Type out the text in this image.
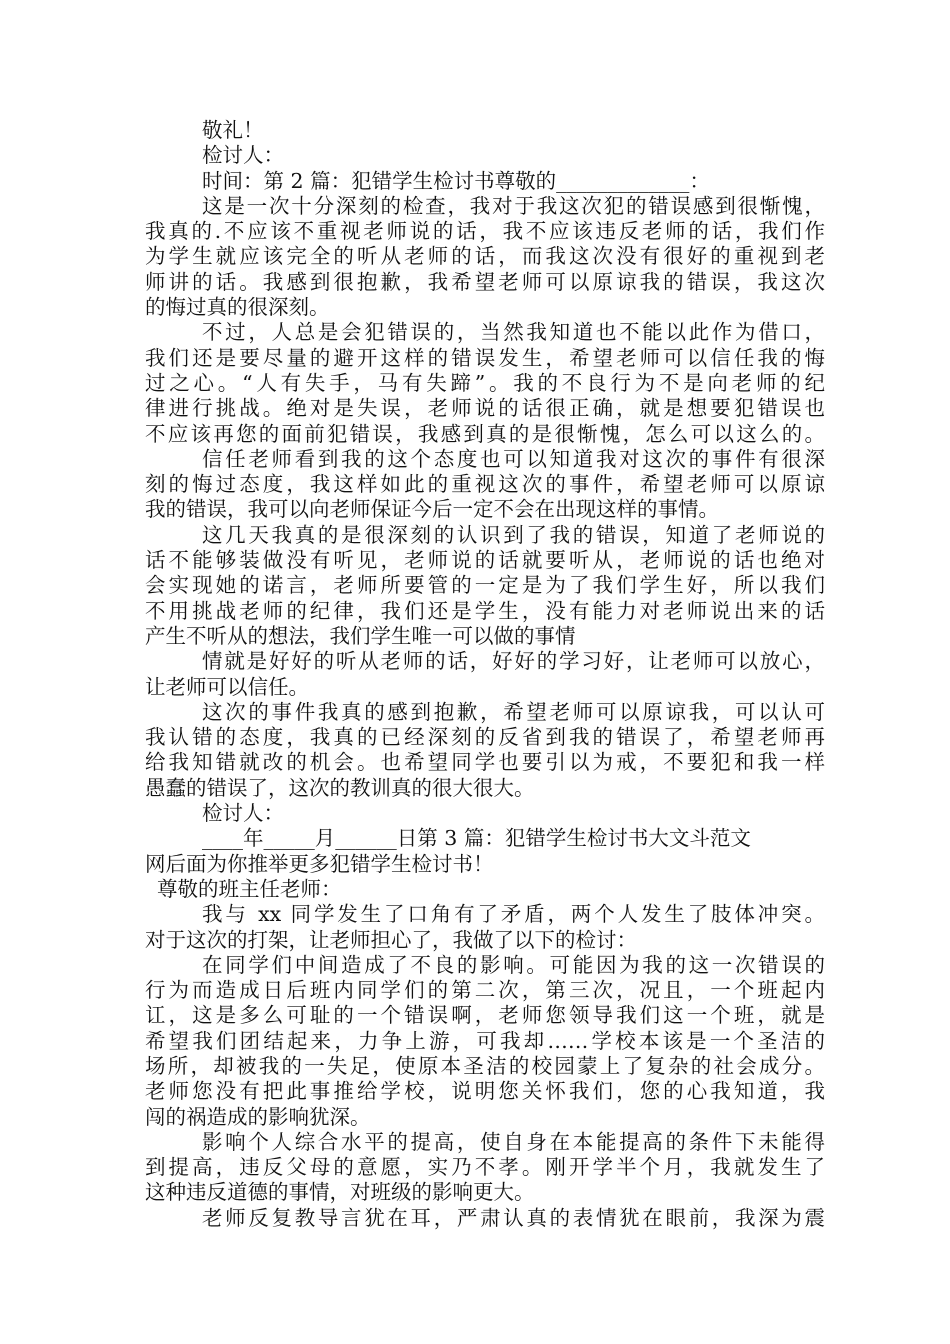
敬礼！
检讨人：
时间：第 2 篇：犯错学生检讨书尊敬的_____________：
这是一次十分深刻的检查，我对于我这次犯的错误感到很惭愧，
我真的.不应该不重视老师说的话，我不应该违反老师的话，我们作
为学生就应该完全的听从老师的话，而我这次没有很好的重视到老
师讲的话。我感到很抱歉，我希望老师可以原谅我的错误，我这次
的悔过真的很深刻。
不过，人总是会犯错误的，当然我知道也不能以此作为借口，
我们还是要尽量的避开这样的错误发生，希望老师可以信任我的悔
过之心。“人有失手，马有失蹄”。我的不良行为不是向老师的纪
律进行挑战。绝对是失误，老师说的话很正确，就是想要犯错误也
不应该再您的面前犯错误，我感到真的是很惭愧，怎么可以这么的。
信任老师看到我的这个态度也可以知道我对这次的事件有很深
刻的悔过态度，我这样如此的重视这次的事件，希望老师可以原谅
我的错误，我可以向老师保证今后一定不会在出现这样的事情。
这几天我真的是很深刻的认识到了我的错误，知道了老师说的
话不能够装做没有听见，老师说的话就要听从，老师说的话也绝对
会实现她的诺言，老师所要管的一定是为了我们学生好，所以我们
不用挑战老师的纪律，我们还是学生，没有能力对老师说出来的话
产生不听从的想法，我们学生唯一可以做的事情
情就是好好的听从老师的话，好好的学习好，让老师可以放心，
让老师可以信任。
这次的事件我真的感到抱歉，希望老师可以原谅我，可以认可
我认错的态度，我真的已经深刻的反省到我的错误了，希望老师再
给我知错就改的机会。也希望同学也要引以为戒，不要犯和我一样
愚蠢的错误了，这次的教训真的很大很大。
检讨人：
____年_____月______日第 3 篇：犯错学生检讨书大文斗范文
网后面为你推举更多犯错学生检讨书！
尊敬的班主任老师：
我与 xx 同学发生了口角有了矛盾，两个人发生了肢体冲突。
对于这次的打架，让老师担心了，我做了以下的检讨：
在同学们中间造成了不良的影响。可能因为我的这一次错误的
行为而造成日后班内同学们的第二次，第三次，况且，一个班起内
讧，这是多么可耻的一个错误啊，老师您领导我们这一个班，就是
希望我们团结起来，力争上游，可我却……学校本该是一个圣洁的
场所，却被我的一失足，使原本圣洁的校园蒙上了复杂的社会成分。
老师您没有把此事推给学校，说明您关怀我们，您的心我知道，我
闯的祸造成的影响犹深。
影响个人综合水平的提高，使自身在本能提高的条件下未能得
到提高，违反父母的意愿，实乃不孝。刚开学半个月，我就发生了
这种违反道德的事情，对班级的影响更大。
老师反复教导言犹在耳，严肃认真的表情犹在眼前，我深为震
